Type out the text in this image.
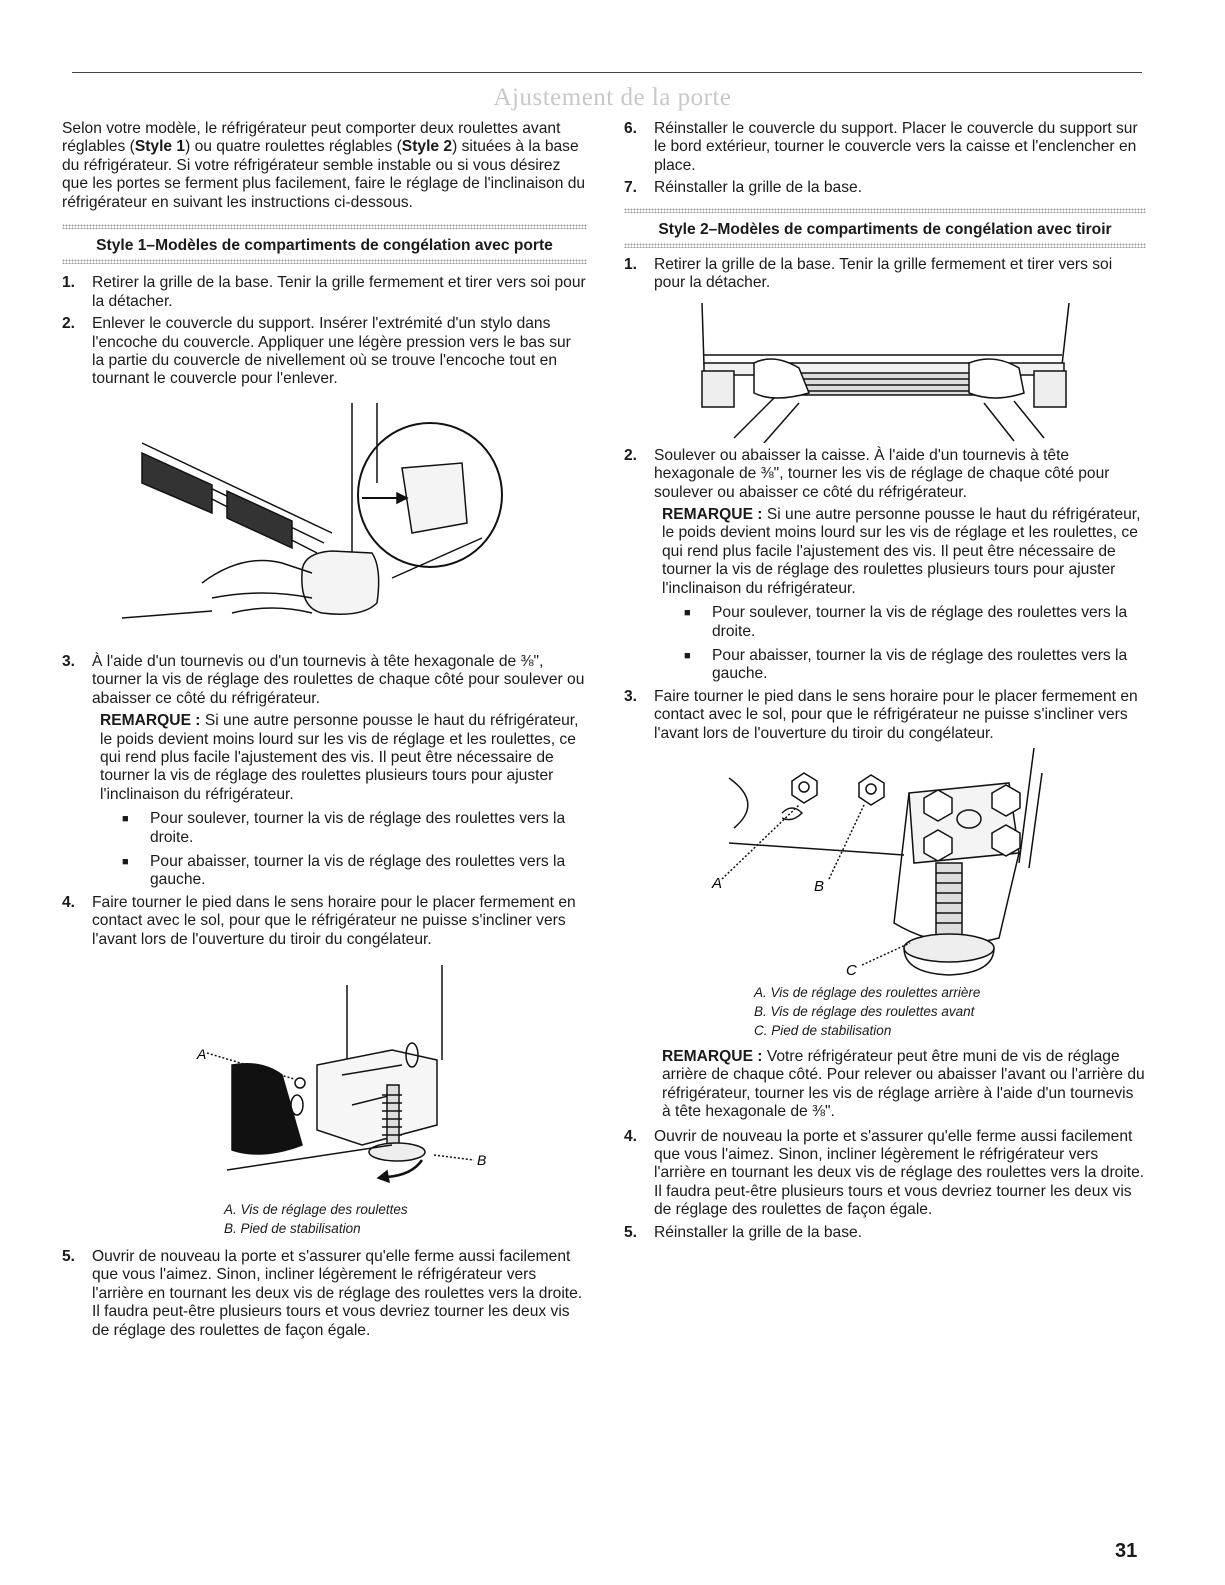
Ajustement de la porte

Selon votre modèle, le réfrigérateur peut comporter deux roulettes avant réglables (Style 1) ou quatre roulettes réglables (Style 2) situées à la base du réfrigérateur. Si votre réfrigérateur semble instable ou si vous désirez que les portes se ferment plus facilement, faire le réglage de l'inclinaison du réfrigérateur en suivant les instructions ci-dessous.

Style 1–Modèles de compartiments de congélation avec porte
1.	Retirer la grille de la base. Tenir la grille fermement et tirer vers soi pour la détacher.
2.	Enlever le couvercle du support. Insérer l'extrémité d'un stylo dans l'encoche du couvercle. Appliquer une légère pression vers le bas sur la partie du couvercle de nivellement où se trouve l'encoche tout en tournant le couvercle pour l'enlever.
3.	À l'aide d'un tournevis ou d'un tournevis à tête hexagonale de ⅜", tourner la vis de réglage des roulettes de chaque côté pour soulever ou abaisser ce côté du réfrigérateur.

REMARQUE : Si une autre personne pousse le haut du réfrigérateur, le poids devient moins lourd sur les vis de réglage et les roulettes, ce qui rend plus facile l'ajustement des vis. Il peut être nécessaire de tourner la vis de réglage des roulettes plusieurs tours pour ajuster l'inclinaison du réfrigérateur.

■	Pour soulever, tourner la vis de réglage des roulettes vers la droite.
■	Pour abaisser, tourner la vis de réglage des roulettes vers la gauche.
4.	Faire tourner le pied dans le sens horaire pour le placer fermement en contact avec le sol, pour que le réfrigérateur ne puisse s'incliner vers l'avant lors de l'ouverture du tiroir du congélateur.
A
B
A. Vis de réglage des roulettes
B. Pied de stabilisation
5.	Ouvrir de nouveau la porte et s'assurer qu'elle ferme aussi facilement que vous l'aimez. Sinon, incliner légèrement le réfrigérateur vers l'arrière en tournant les deux vis de réglage des roulettes vers la droite. Il faudra peut-être plusieurs tours et vous devriez tourner les deux vis de réglage des roulettes de façon égale.
6.	Réinstaller le couvercle du support. Placer le couvercle du support sur le bord extérieur, tourner le couvercle vers la caisse et l'enclencher en place.
7.	Réinstaller la grille de la base.
Style 2–Modèles de compartiments de congélation avec tiroir
1.	Retirer la grille de la base. Tenir la grille fermement et tirer vers soi pour la détacher.
2.	Soulever ou abaisser la caisse. À l'aide d'un tournevis à tête hexagonale de ⅜", tourner les vis de réglage de chaque côté pour soulever ou abaisser ce côté du réfrigérateur.

REMARQUE : Si une autre personne pousse le haut du réfrigérateur, le poids devient moins lourd sur les vis de réglage et les roulettes, ce qui rend plus facile l'ajustement des vis. Il peut être nécessaire de tourner la vis de réglage des roulettes plusieurs tours pour ajuster l'inclinaison du réfrigérateur.

■	Pour soulever, tourner la vis de réglage des roulettes vers la droite.
■	Pour abaisser, tourner la vis de réglage des roulettes vers la gauche.
3.	Faire tourner le pied dans le sens horaire pour le placer fermement en contact avec le sol, pour que le réfrigérateur ne puisse s'incliner vers l'avant lors de l'ouverture du tiroir du congélateur.
A	B
C
A. Vis de réglage des roulettes arrière
B. Vis de réglage des roulettes avant
C. Pied de stabilisation

REMARQUE : Votre réfrigérateur peut être muni de vis de réglage arrière de chaque côté. Pour relever ou abaisser l'avant ou l'arrière du réfrigérateur, tourner les vis de réglage arrière à l'aide d'un tournevis à tête hexagonale de ⅜".

4.	Ouvrir de nouveau la porte et s'assurer qu'elle ferme aussi facilement que vous l'aimez. Sinon, incliner légèrement le réfrigérateur vers l'arrière en tournant les deux vis de réglage des roulettes vers la droite. Il faudra peut-être plusieurs tours et vous devriez tourner les deux vis de réglage des roulettes de façon égale.
5.	Réinstaller la grille de la base.
31
